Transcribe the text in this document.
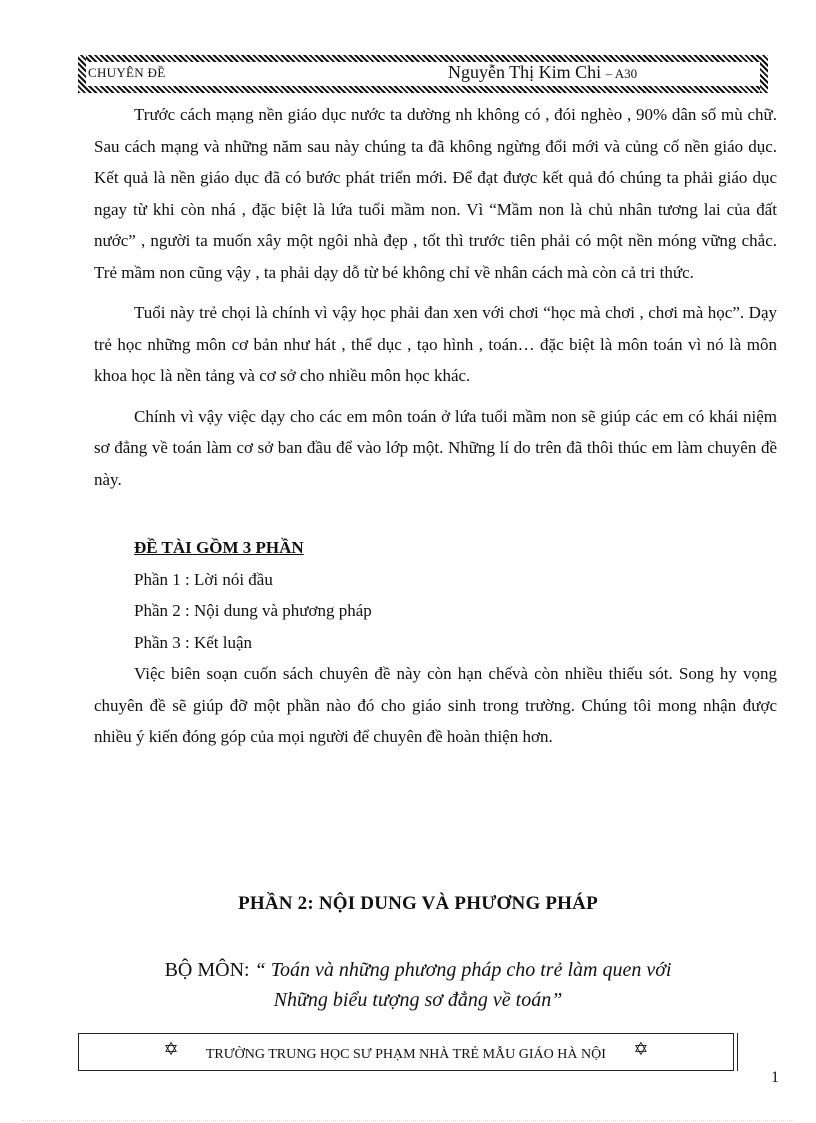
CHUYÊN ĐỀ	Nguyễn Thị Kim Chi – A30

Trước cách mạng nền giáo dục nước ta dường nh không có , đói nghèo , 90% dân số mù chữ. Sau cách mạng và những năm sau này chúng ta đã không ngừng đổi mới và củng cố nền giáo dục. Kết quả là nền giáo dục đã có bước phát triển mới. Để đạt được kết quả đó chúng ta phải giáo dục ngay từ khi còn nhá , đặc biệt là lứa tuổi mầm non. Vì “Mầm non là chủ nhân tương lai của đất nước” , người ta muốn xây một ngôi nhà đẹp , tốt thì trước tiên phải có một nền móng vững chắc. Trẻ mầm non cũng vậy , ta phải dạy dỗ từ bé không chỉ về nhân cách mà còn cả tri thức.

Tuổi này trẻ chọi là chính vì vậy học phải đan xen với chơi “học mà chơi , chơi mà học”. Dạy trẻ học những môn cơ bản như hát , thể dục , tạo hình , toán… đặc biệt là môn toán vì nó là môn khoa học là nền tảng và cơ sở cho nhiều môn học khác.

Chính vì vậy việc dạy cho các em môn toán ở lứa tuổi mầm non sẽ giúp các em có khái niệm sơ đẳng về toán làm cơ sở ban đầu để vào lớp một. Những lí do trên đã thôi thúc em làm chuyên đề này.

ĐỀ TÀI GỒM 3 PHẦN
Phần 1 : Lời nói đầu
Phần 2 : Nội dung và phương pháp
Phần 3 : Kết luận

Việc biên soạn cuốn sách chuyên đề này còn hạn chếvà còn nhiều thiếu sót. Song hy vọng chuyên đề sẽ giúp đỡ một phần nào đó cho giáo sinh trong trường. Chúng tôi mong nhận được nhiều ý kiến đóng góp của mọi người để chuyên đề hoàn thiện hơn.

PHẦN 2: NỘI DUNG VÀ PHƯƠNG PHÁP
BỘ MÔN: “ Toán và những phương pháp cho trẻ làm quen với
Những biểu tượng sơ đẳng về toán”
✡ TRƯỜNG TRUNG HỌC SƯ PHẠM NHÀ TRẺ MẪU GIÁO HÀ NỘI ✡
1
